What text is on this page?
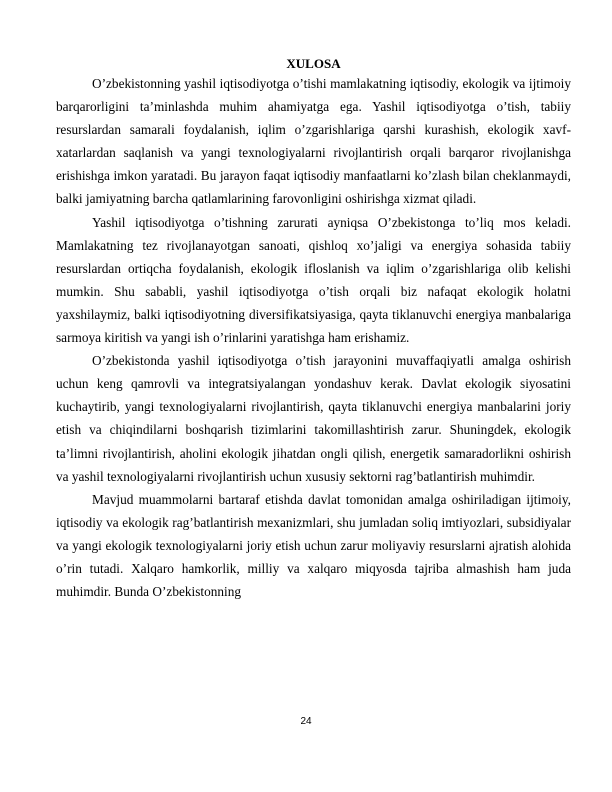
XULOSA

O’zbekistonning yashil iqtisodiyotga o’tishi mamlakatning iqtisodiy, ekologik va ijtimoiy barqarorligini ta’minlashda muhim ahamiyatga ega. Yashil iqtisodiyotga o’tish, tabiiy resurslardan samarali foydalanish, iqlim o’zgarishlariga qarshi kurashish, ekologik xavf-xatarlardan saqlanish va yangi texnologiyalarni rivojlantirish orqali barqaror rivojlanishga erishishga imkon yaratadi. Bu jarayon faqat iqtisodiy manfaatlarni ko’zlash bilan cheklanmaydi, balki jamiyatning barcha qatlamlarining farovonligini oshirishga xizmat qiladi.

Yashil iqtisodiyotga o’tishning zarurati ayniqsa O’zbekistonga to’liq mos keladi. Mamlakatning tez rivojlanayotgan sanoati, qishloq xo’jaligi va energiya sohasida tabiiy resurslardan ortiqcha foydalanish, ekologik ifloslanish va iqlim o’zgarishlariga olib kelishi mumkin. Shu sababli, yashil iqtisodiyotga o’tish orqali biz nafaqat ekologik holatni yaxshilaymiz, balki iqtisodiyotning diversifikatsiyasiga, qayta tiklanuvchi energiya manbalariga sarmoya kiritish va yangi ish o’rinlarini yaratishga ham erishamiz.

O’zbekistonda yashil iqtisodiyotga o’tish jarayonini muvaffaqiyatli amalga oshirish uchun keng qamrovli va integratsiyalangan yondashuv kerak. Davlat ekologik siyosatini kuchaytirib, yangi texnologiyalarni rivojlantirish, qayta tiklanuvchi energiya manbalarini joriy etish va chiqindilarni boshqarish tizimlarini takomillashtirish zarur. Shuningdek, ekologik ta’limni rivojlantirish, aholini ekologik jihatdan ongli qilish, energetik samaradorlikni oshirish va yashil texnologiyalarni rivojlantirish uchun xususiy sektorni rag’batlantirish muhimdir.

Mavjud muammolarni bartaraf etishda davlat tomonidan amalga oshiriladigan ijtimoiy, iqtisodiy va ekologik rag’batlantirish mexanizmlari, shu jumladan soliq imtiyozlari, subsidiyalar va yangi ekologik texnologiyalarni joriy etish uchun zarur moliyaviy resurslarni ajratish alohida o’rin tutadi. Xalqaro hamkorlik, milliy va xalqaro miqyosda tajriba almashish ham juda muhimdir. Bunda O’zbekistonning

24
